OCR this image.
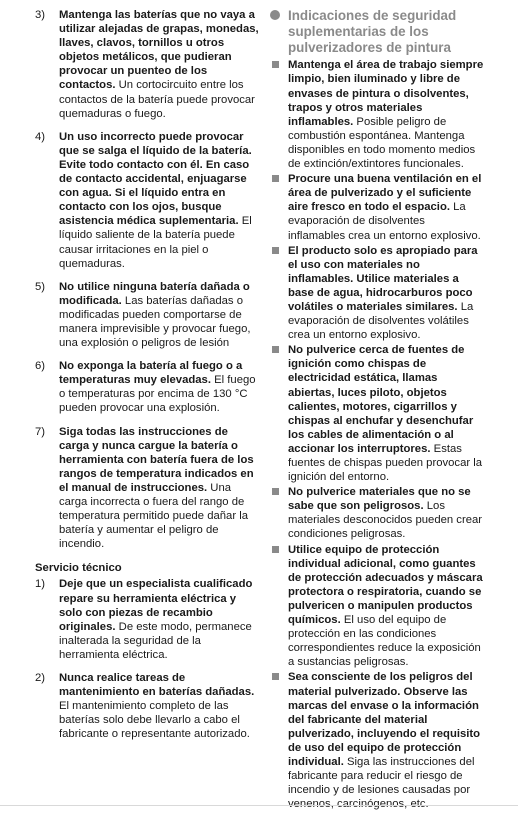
3) Mantenga las baterías que no vaya a utilizar alejadas de grapas, monedas, llaves, clavos, tornillos u otros objetos metálicos, que pudieran provocar un puenteo de los contactos. Un cortocircuito entre los contactos de la batería puede provocar quemaduras o fuego.
4) Un uso incorrecto puede provocar que se salga el líquido de la batería. Evite todo contacto con él. En caso de contacto accidental, enjuagarse con agua. Si el líquido entra en contacto con los ojos, busque asistencia médica suplementaria. El líquido saliente de la batería puede causar irritaciones en la piel o quemaduras.
5) No utilice ninguna batería dañada o modificada. Las baterías dañadas o modificadas pueden comportarse de manera imprevisible y provocar fuego, una explosión o peligros de lesión
6) No exponga la batería al fuego o a temperaturas muy elevadas. El fuego o temperaturas por encima de 130 °C pueden provocar una explosión.
7) Siga todas las instrucciones de carga y nunca cargue la batería o herramienta con batería fuera de los rangos de temperatura indicados en el manual de instrucciones. Una carga incorrecta o fuera del rango de temperatura permitido puede dañar la batería y aumentar el peligro de incendio.
Servicio técnico
1) Deje que un especialista cualificado repare su herramienta eléctrica y solo con piezas de recambio originales. De este modo, permanece inalterada la seguridad de la herramienta eléctrica.
2) Nunca realice tareas de mantenimiento en baterías dañadas. El mantenimiento completo de las baterías solo debe llevarlo a cabo el fabricante o representante autorizado.
Indicaciones de seguridad suplementarias de los pulverizadores de pintura
Mantenga el área de trabajo siempre limpio, bien iluminado y libre de envases de pintura o disolventes, trapos y otros materiales inflamables. Posible peligro de combustión espontánea. Mantenga disponibles en todo momento medios de extinción/extintores funcionales.
Procure una buena ventilación en el área de pulverizado y el suficiente aire fresco en todo el espacio. La evaporación de disolventes inflamables crea un entorno explosivo.
El producto solo es apropiado para el uso con materiales no inflamables. Utilice materiales a base de agua, hidrocarburos poco volátiles o materiales similares. La evaporación de disolventes volátiles crea un entorno explosivo.
No pulverice cerca de fuentes de ignición como chispas de electricidad estática, llamas abiertas, luces piloto, objetos calientes, motores, cigarrillos y chispas al enchufar y desenchufar los cables de alimentación o al accionar los interruptores. Estas fuentes de chispas pueden provocar la ignición del entorno.
No pulverice materiales que no se sabe que son peligrosos. Los materiales desconocidos pueden crear condiciones peligrosas.
Utilice equipo de protección individual adicional, como guantes de protección adecuados y máscara protectora o respiratoria, cuando se pulvericen o manipulen productos químicos. El uso del equipo de protección en las condiciones correspondientes reduce la exposición a sustancias peligrosas.
Sea consciente de los peligros del material pulverizado. Observe las marcas del envase o la información del fabricante del material pulverizado, incluyendo el requisito de uso del equipo de protección individual. Siga las instrucciones del fabricante para reducir el riesgo de incendio y de lesiones causadas por
